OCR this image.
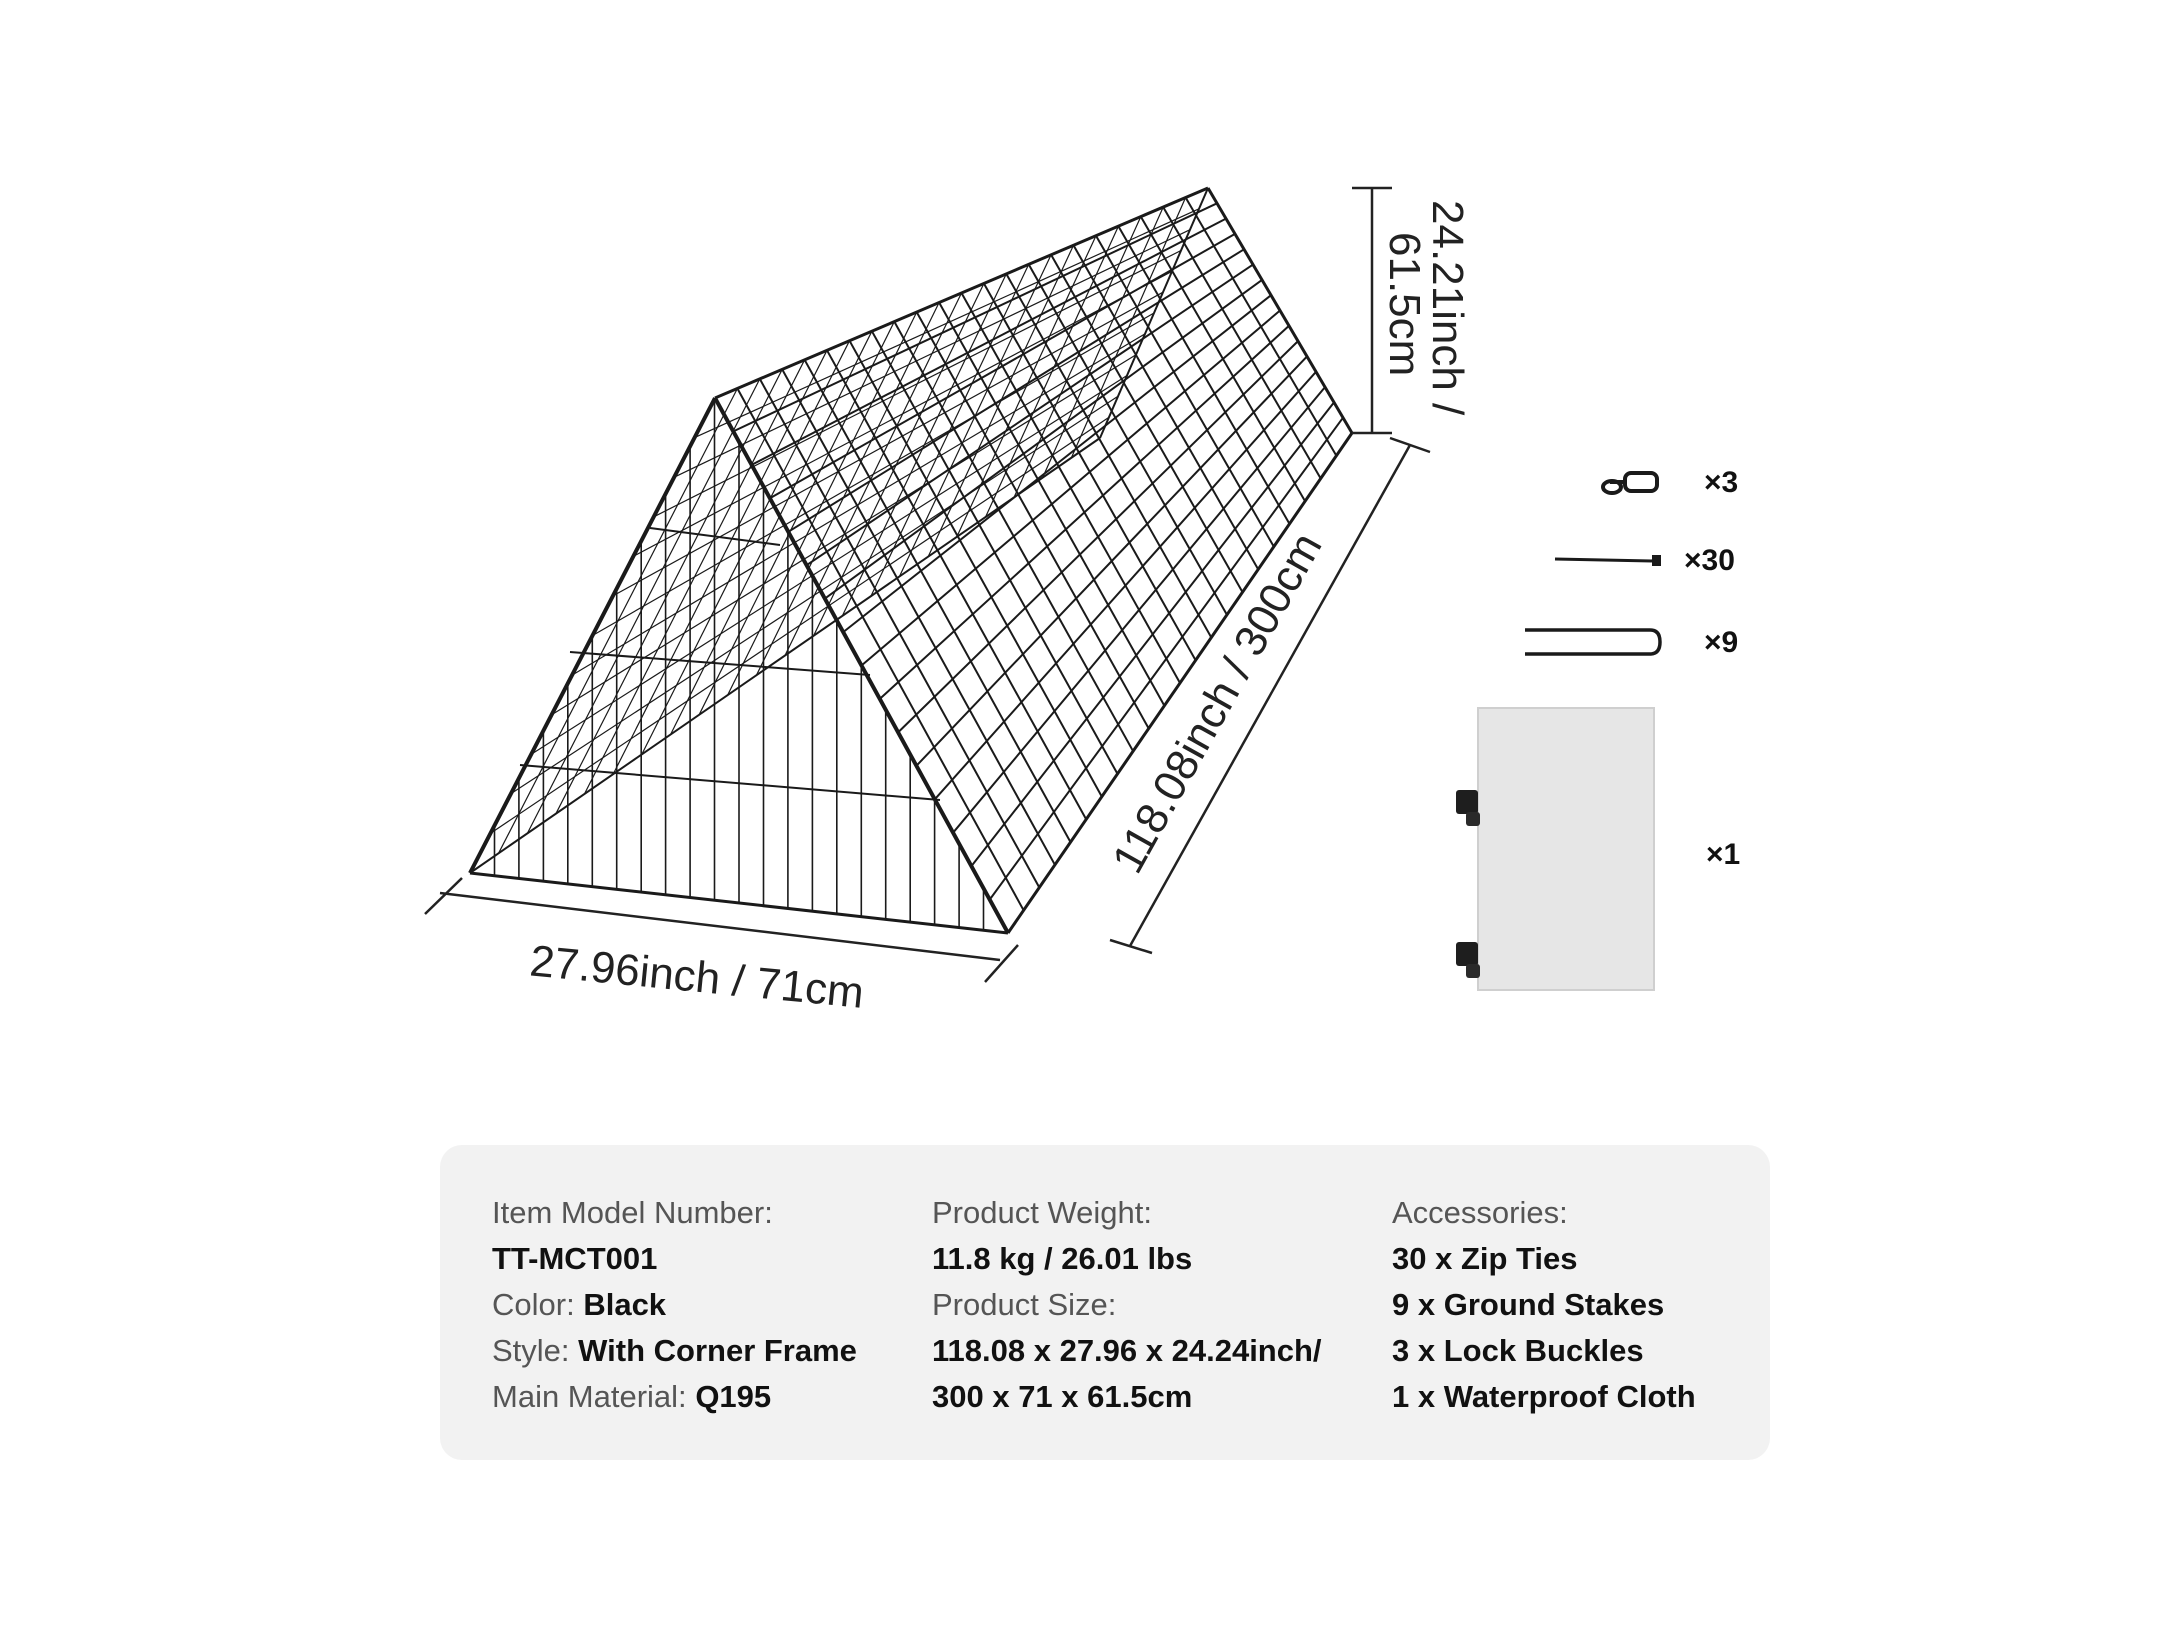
27.96inch / 71cm
118.08inch / 300cm
24.21inch /
61.5cm
×3
×30
×9
×1
Item Model Number:
TT-MCT001
Color: Black
Style: With Corner Frame
Main Material: Q195
Product Weight:
11.8 kg / 26.01 lbs
Product Size:
118.08 x 27.96 x 24.24inch/
300 x 71 x 61.5cm
Accessories:
30 x Zip Ties
9 x Ground Stakes
3 x Lock Buckles
1 x Waterproof Cloth
